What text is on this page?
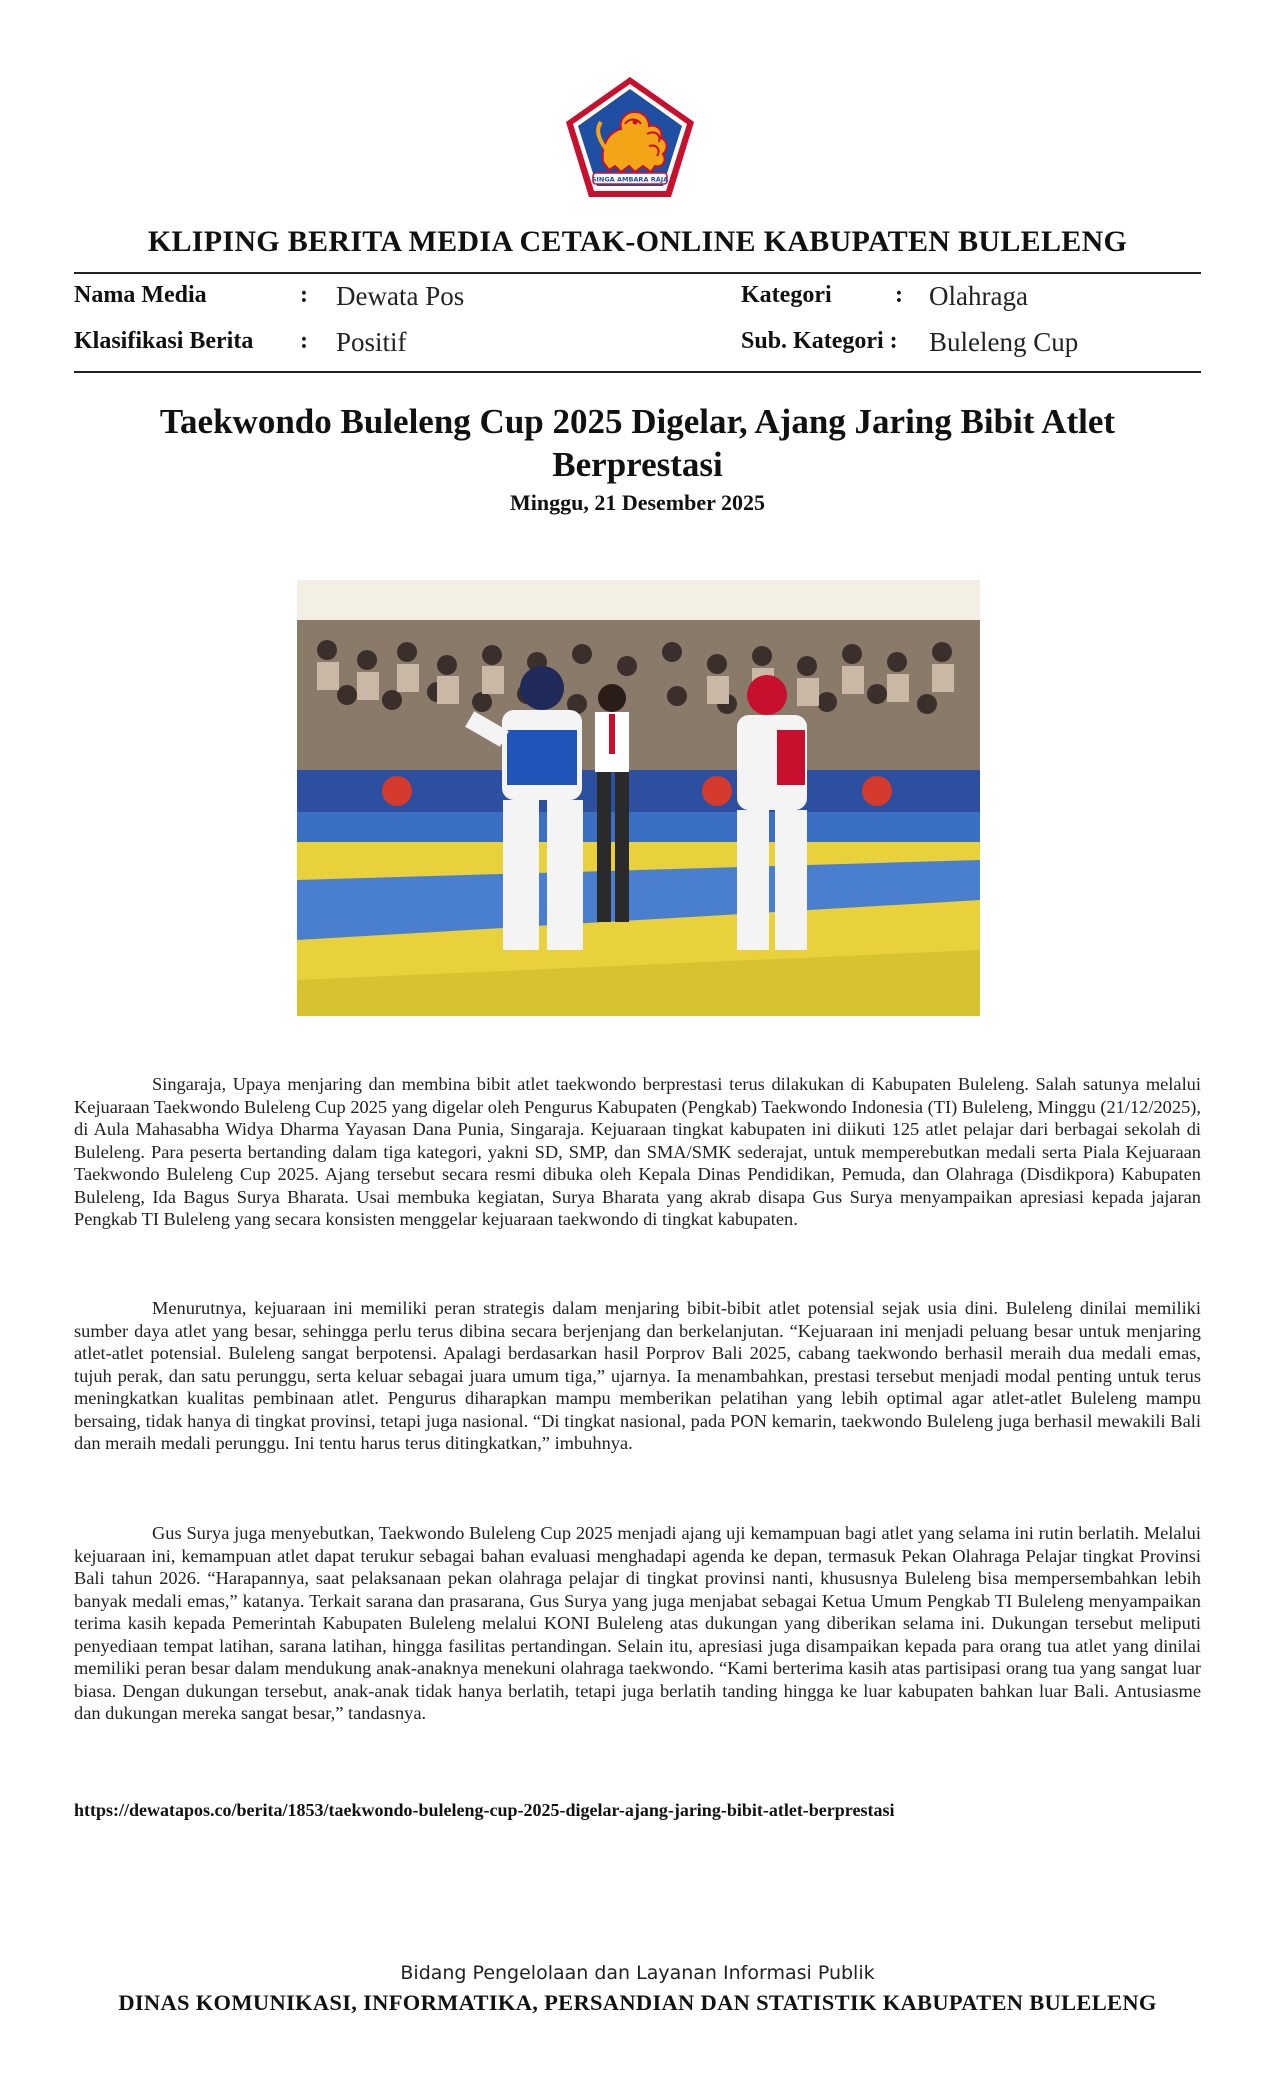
SINGA AMBARA RAJA
KLIPING BERITA MEDIA CETAK-ONLINE KABUPATEN BULELENG
Nama Media	: Dewata Pos
Klasifikasi Berita : Positif
Kategori	: Olahraga
Sub. Kategori : Buleleng Cup
Taekwondo Buleleng Cup 2025 Digelar, Ajang Jaring Bibit Atlet Berprestasi
Minggu, 21 Desember 2025

Singaraja, Upaya menjaring dan membina bibit atlet taekwondo berprestasi terus dilakukan di Kabupaten Buleleng. Salah satunya melalui Kejuaraan Taekwondo Buleleng Cup 2025 yang digelar oleh Pengurus Kabupaten (Pengkab) Taekwondo Indonesia (TI) Buleleng, Minggu (21/12/2025), di Aula Mahasabha Widya Dharma Yayasan Dana Punia, Singaraja. Kejuaraan tingkat kabupaten ini diikuti 125 atlet pelajar dari berbagai sekolah di Buleleng. Para peserta bertanding dalam tiga kategori, yakni SD, SMP, dan SMA/SMK sederajat, untuk memperebutkan medali serta Piala Kejuaraan Taekwondo Buleleng Cup 2025. Ajang tersebut secara resmi dibuka oleh Kepala Dinas Pendidikan, Pemuda, dan Olahraga (Disdikpora) Kabupaten Buleleng, Ida Bagus Surya Bharata. Usai membuka kegiatan, Surya Bharata yang akrab disapa Gus Surya menyampaikan apresiasi kepada jajaran Pengkab TI Buleleng yang secara konsisten menggelar kejuaraan taekwondo di tingkat kabupaten.

Menurutnya, kejuaraan ini memiliki peran strategis dalam menjaring bibit-bibit atlet potensial sejak usia dini. Buleleng dinilai memiliki sumber daya atlet yang besar, sehingga perlu terus dibina secara berjenjang dan berkelanjutan. “Kejuaraan ini menjadi peluang besar untuk menjaring atlet-atlet potensial. Buleleng sangat berpotensi. Apalagi berdasarkan hasil Porprov Bali 2025, cabang taekwondo berhasil meraih dua medali emas, tujuh perak, dan satu perunggu, serta keluar sebagai juara umum tiga,” ujarnya. Ia menambahkan, prestasi tersebut menjadi modal penting untuk terus meningkatkan kualitas pembinaan atlet. Pengurus diharapkan mampu memberikan pelatihan yang lebih optimal agar atlet-atlet Buleleng mampu bersaing, tidak hanya di tingkat provinsi, tetapi juga nasional. “Di tingkat nasional, pada PON kemarin, taekwondo Buleleng juga berhasil mewakili Bali dan meraih medali perunggu. Ini tentu harus terus ditingkatkan,” imbuhnya.

Gus Surya juga menyebutkan, Taekwondo Buleleng Cup 2025 menjadi ajang uji kemampuan bagi atlet yang selama ini rutin berlatih. Melalui kejuaraan ini, kemampuan atlet dapat terukur sebagai bahan evaluasi menghadapi agenda ke depan, termasuk Pekan Olahraga Pelajar tingkat Provinsi Bali tahun 2026. “Harapannya, saat pelaksanaan pekan olahraga pelajar di tingkat provinsi nanti, khususnya Buleleng bisa mempersembahkan lebih banyak medali emas,” katanya. Terkait sarana dan prasarana, Gus Surya yang juga menjabat sebagai Ketua Umum Pengkab TI Buleleng menyampaikan terima kasih kepada Pemerintah Kabupaten Buleleng melalui KONI Buleleng atas dukungan yang diberikan selama ini. Dukungan tersebut meliputi penyediaan tempat latihan, sarana latihan, hingga fasilitas pertandingan. Selain itu, apresiasi juga disampaikan kepada para orang tua atlet yang dinilai memiliki peran besar dalam mendukung anak-anaknya menekuni olahraga taekwondo. “Kami berterima kasih atas partisipasi orang tua yang sangat luar biasa. Dengan dukungan tersebut, anak-anak tidak hanya berlatih, tetapi juga berlatih tanding hingga ke luar kabupaten bahkan luar Bali. Antusiasme dan dukungan mereka sangat besar,” tandasnya.

https://dewatapos.co/berita/1853/taekwondo-buleleng-cup-2025-digelar-ajang-jaring-bibit-atlet-berprestasi
Bidang Pengelolaan dan Layanan Informasi Publik
DINAS KOMUNIKASI, INFORMATIKA, PERSANDIAN DAN STATISTIK KABUPATEN BULELENG
